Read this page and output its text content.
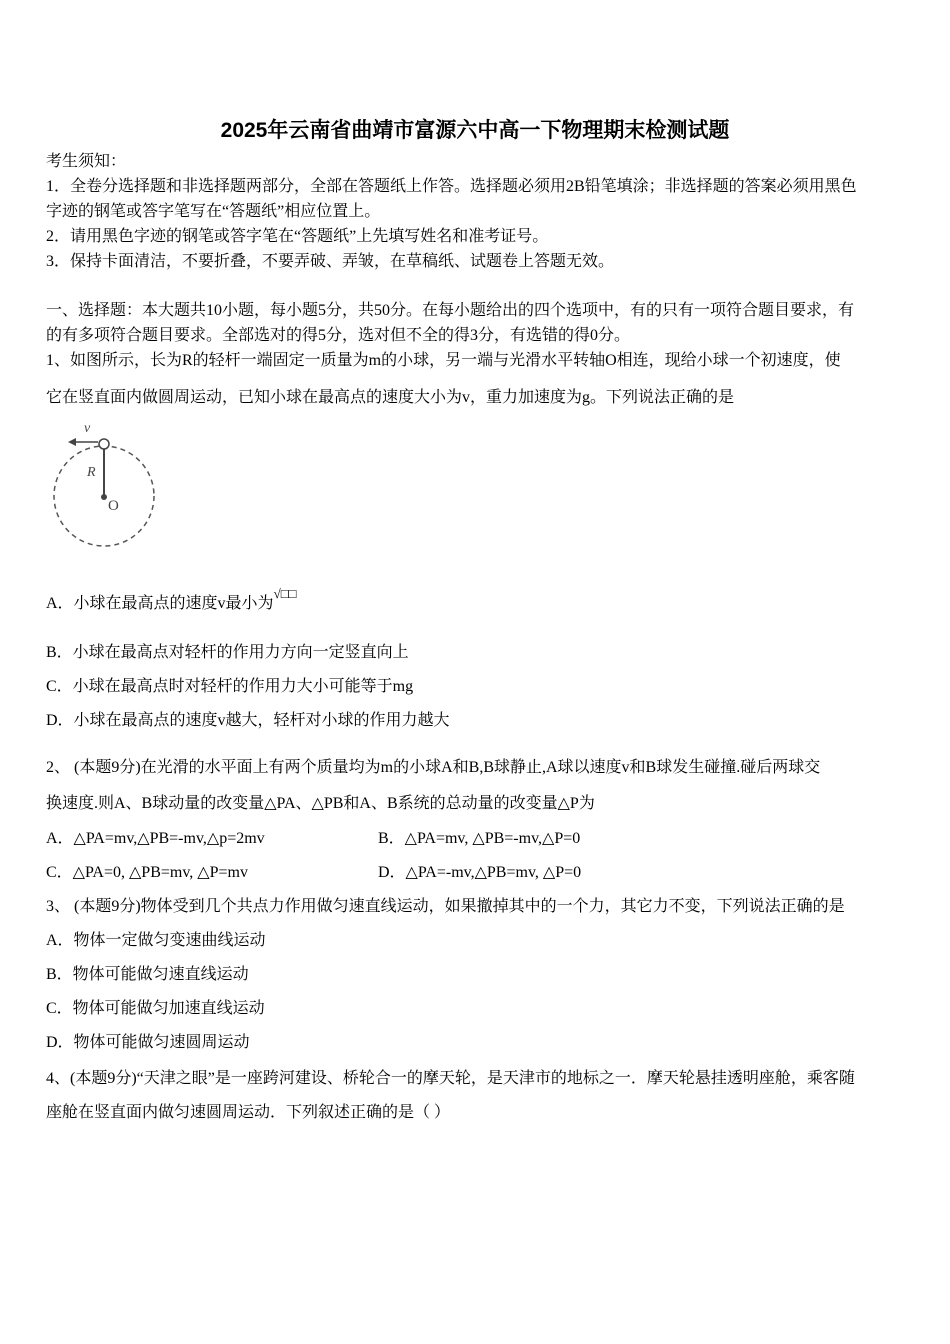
2025年云南省曲靖市富源六中高一下物理期末检测试题
考生须知：
1．全卷分选择题和非选择题两部分，全部在答题纸上作答。选择题必须用2B铅笔填涂；非选择题的答案必须用黑色
字迹的钢笔或答字笔写在“答题纸”相应位置上。
2．请用黑色字迹的钢笔或答字笔在“答题纸”上先填写姓名和准考证号。
3．保持卡面清洁，不要折叠，不要弄破、弄皱，在草稿纸、试题卷上答题无效。
一、选择题：本大题共10小题，每小题5分，共50分。在每小题给出的四个选项中，有的只有一项符合题目要求，有
的有多项符合题目要求。全部选对的得5分，选对但不全的得3分，有选错的得0分。
1、如图所示，长为R的轻杆一端固定一质量为m的小球，另一端与光滑水平转轴O相连，现给小球一个初速度，使
它在竖直面内做圆周运动，已知小球在最高点的速度大小为v，重力加速度为g。下列说法正确的是
v
R
O
A．小球在最高点的速度v最小为√□□
B．小球在最高点对轻杆的作用力方向一定竖直向上
C．小球在最高点时对轻杆的作用力大小可能等于mg
D．小球在最高点的速度v越大，轻杆对小球的作用力越大
2、 (本题9分)在光滑的水平面上有两个质量均为m的小球A和B,B球静止,A球以速度v和B球发生碰撞.碰后两球交
换速度.则A、B球动量的改变量△PA、△PB和A、B系统的总动量的改变量△P为
A．△PA=mv,△PB=-mv,△p=2mv	B．△PA=mv, △PB=-mv,△P=0
C．△PA=0, △PB=mv, △P=mv	D．△PA=-mv,△PB=mv, △P=0
3、 (本题9分)物体受到几个共点力作用做匀速直线运动，如果撤掉其中的一个力，其它力不变，下列说法正确的是
A．物体一定做匀变速曲线运动
B．物体可能做匀速直线运动
C．物体可能做匀加速直线运动
D．物体可能做匀速圆周运动
4、(本题9分)“天津之眼”是一座跨河建设、桥轮合一的摩天轮，是天津市的地标之一．摩天轮悬挂透明座舱，乘客随
座舱在竖直面内做匀速圆周运动．下列叙述正确的是（ ）
